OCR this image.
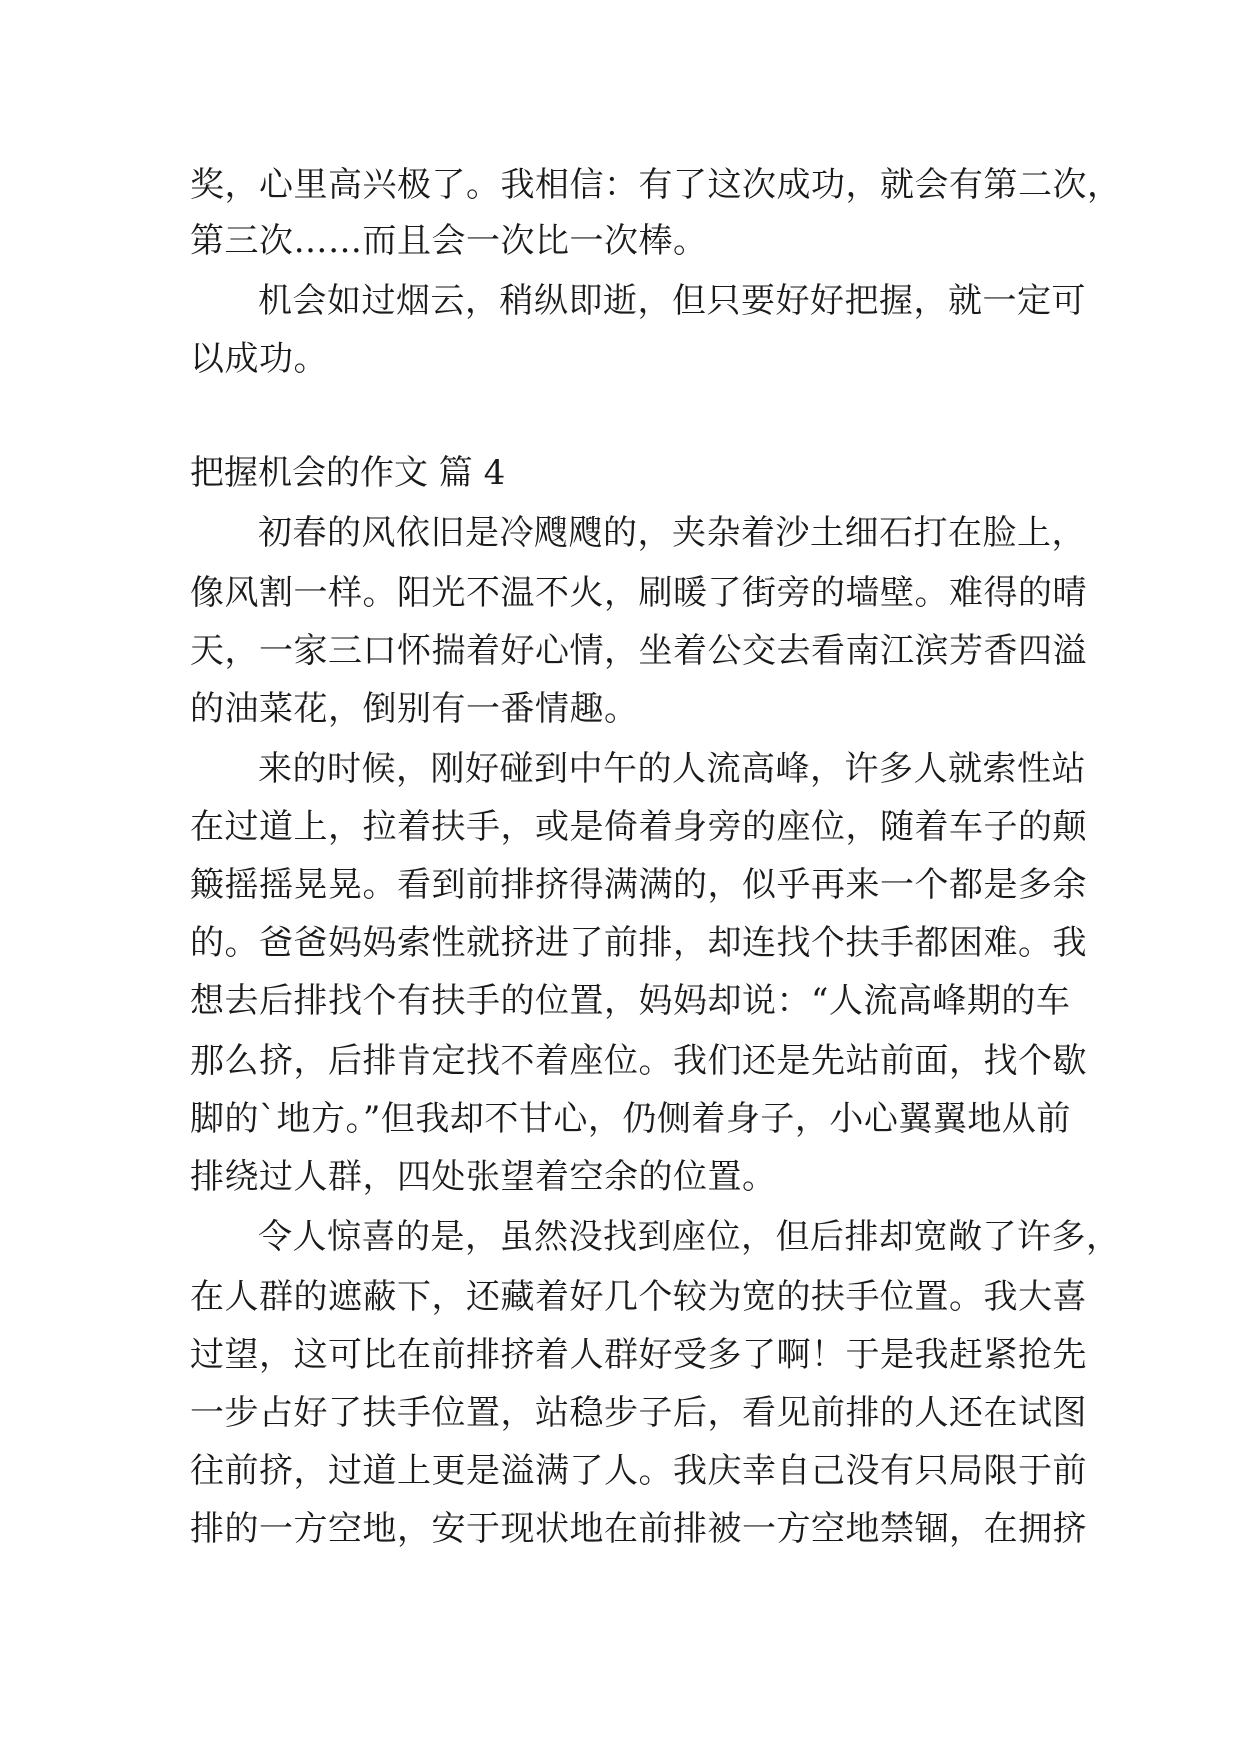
奖，心里高兴极了。我相信：有了这次成功，就会有第二次，
第三次……而且会一次比一次棒。
机会如过烟云，稍纵即逝，但只要好好把握，就一定可
以成功。
把握机会的作文 篇 4
初春的风依旧是冷飕飕的，夹杂着沙土细石打在脸上，
像风割一样。阳光不温不火，刷暖了街旁的墙壁。难得的晴
天，一家三口怀揣着好心情，坐着公交去看南江滨芳香四溢
的油菜花，倒别有一番情趣。
来的时候，刚好碰到中午的人流高峰，许多人就索性站
在过道上，拉着扶手，或是倚着身旁的座位，随着车子的颠
簸摇摇晃晃。看到前排挤得满满的，似乎再来一个都是多余
的。爸爸妈妈索性就挤进了前排，却连找个扶手都困难。我
想去后排找个有扶手的位置，妈妈却说：“人流高峰期的车
那么挤，后排肯定找不着座位。我们还是先站前面，找个歇
脚的`地方。”但我却不甘心，仍侧着身子，小心翼翼地从前
排绕过人群，四处张望着空余的位置。
令人惊喜的是，虽然没找到座位，但后排却宽敞了许多，
在人群的遮蔽下，还藏着好几个较为宽的扶手位置。我大喜
过望，这可比在前排挤着人群好受多了啊！于是我赶紧抢先
一步占好了扶手位置，站稳步子后，看见前排的人还在试图
往前挤，过道上更是溢满了人。我庆幸自己没有只局限于前
排的一方空地，安于现状地在前排被一方空地禁锢，在拥挤
